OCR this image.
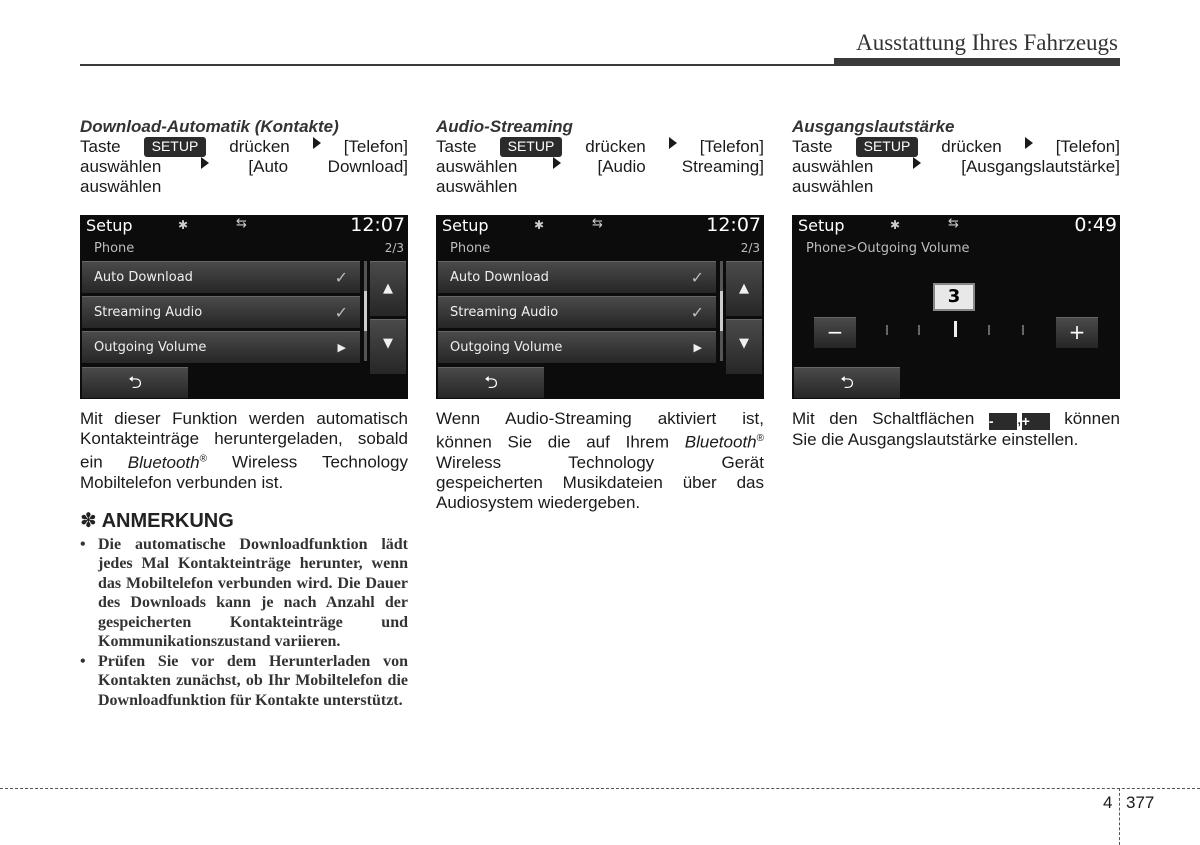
Ausstattung Ihres Fahrzeugs
Download-Automatik (Kontakte)
Taste	SETUP	drücken	[Telefon]
auswählen	[Auto Download]
auswählen
Setup	✱	⇆	12:07
Phone	2/3
Auto Download	✓
Streaming Audio	✓
Outgoing Volume	▶
▲
▼
⮌
Mit dieser Funktion werden automatisch
Kontakteinträge heruntergeladen, sobald
ein Bluetooth® Wireless Technology
Mobiltelefon verbunden ist.
✽ ANMERKUNG
• Die automatische Downloadfunktion lädt jedes Mal Kontakteinträge herunter, wenn das Mobiltelefon verbunden wird. Die Dauer des Downloads kann je nach Anzahl der gespeicherten Kontakteinträge und Kommunikationszustand variieren.
• Prüfen Sie vor dem Herunterladen von Kontakten zunächst, ob Ihr Mobiltelefon die Downloadfunktion für Kontakte unterstützt.
Audio-Streaming
Taste	SETUP	drücken	[Telefon]
auswählen	[Audio Streaming]
auswählen
Setup	✱	⇆	12:07
Phone	2/3
Auto Download	✓
Streaming Audio	✓
Outgoing Volume	▶
▲
▼
⮌
Wenn Audio-Streaming aktiviert ist,
können Sie die auf Ihrem Bluetooth®
Wireless	Technology	Gerät
gespeicherten Musikdateien über das
Audiosystem wiedergeben.
Ausgangslautstärke
Taste	SETUP	drücken	[Telefon]
auswählen	[Ausgangslautstärke]
auswählen
Setup	✱	⇆	0:49
Phone>Outgoing Volume
3
−	+
⮌
Mit den Schaltflächen - ,+ können
Sie die Ausgangslautstärke einstellen.
4 377
